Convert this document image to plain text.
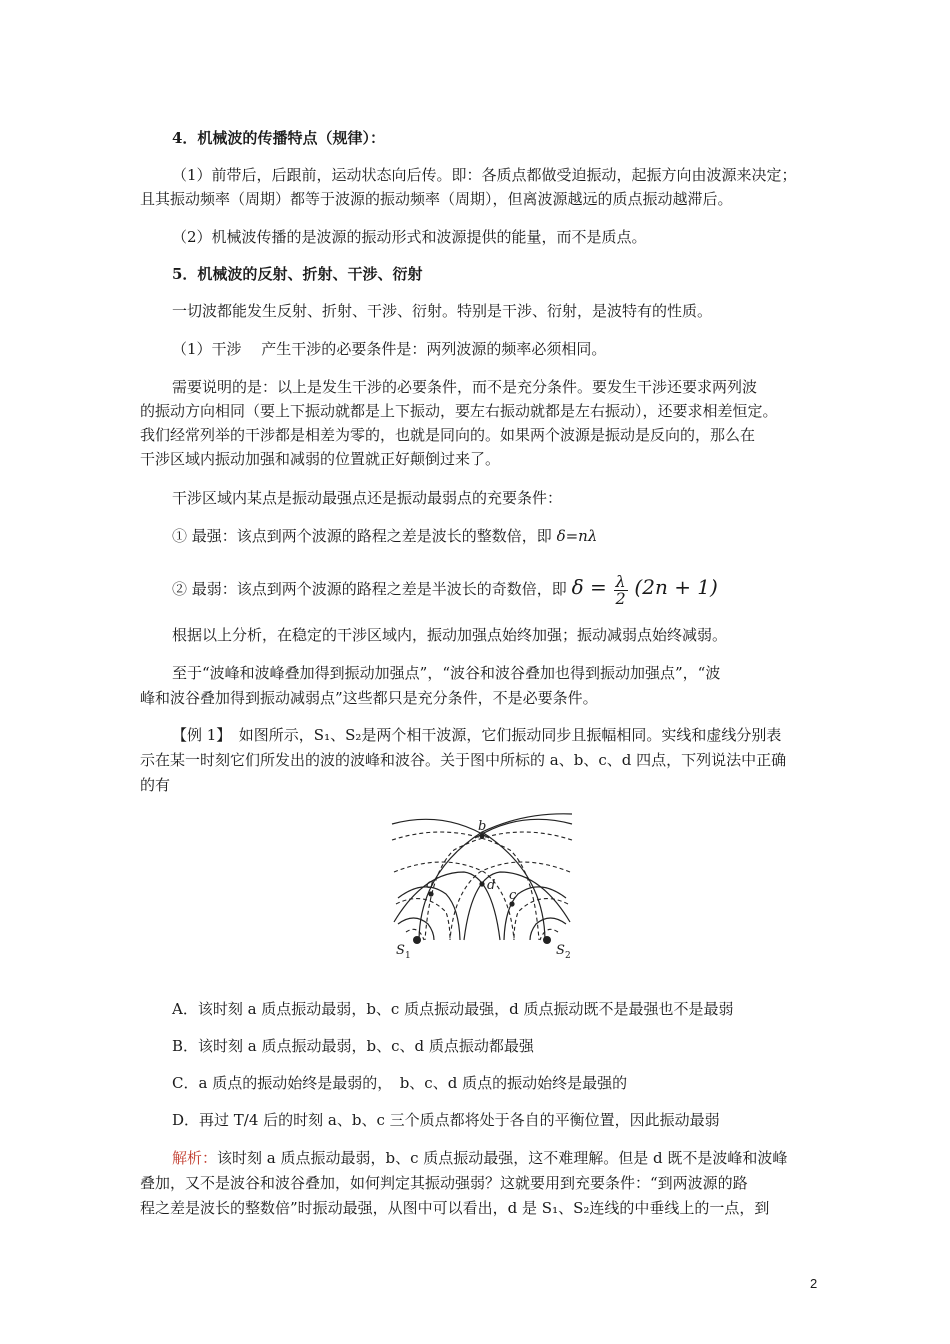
4．机械波的传播特点（规律）：
（1）前带后，后跟前，运动状态向后传。即：各质点都做受迫振动，起振方向由波源来决定；
且其振动频率（周期）都等于波源的振动频率（周期），但离波源越远的质点振动越滞后。
（2）机械波传播的是波源的振动形式和波源提供的能量，而不是质点。
5．机械波的反射、折射、干涉、衍射
一切波都能发生反射、折射、干涉、衍射。特别是干涉、衍射，是波特有的性质。
（1）干涉　 产生干涉的必要条件是：两列波源的频率必须相同。
需要说明的是：以上是发生干涉的必要条件，而不是充分条件。要发生干涉还要求两列波
的振动方向相同（要上下振动就都是上下振动，要左右振动就都是左右振动），还要求相差恒定。
我们经常列举的干涉都是相差为零的，也就是同向的。如果两个波源是振动是反向的，那么在
干涉区域内振动加强和减弱的位置就正好颠倒过来了。
干涉区域内某点是振动最强点还是振动最弱点的充要条件：
① 最强：该点到两个波源的路程之差是波长的整数倍，即 δ=nλ
② 最弱：该点到两个波源的路程之差是半波长的奇数倍，即 $\delta = \frac{\lambda}{2} (2n + 1)$
根据以上分析，在稳定的干涉区域内，振动加强点始终加强；振动减弱点始终减弱。
至于“波峰和波峰叠加得到振动加强点”，“波谷和波谷叠加也得到振动加强点”，“波
峰和波谷叠加得到振动减弱点”这些都只是充分条件，不是必要条件。
【例 1】　如图所示，S₁、S₂是两个相干波源，它们振动同步且振幅相同。实线和虚线分别表
示在某一时刻它们所发出的波的波峰和波谷。关于图中所标的 a、b、c、d 四点，下列说法中正确
的有
b
a	d
c
S 1	S 2
A．该时刻 a 质点振动最弱，b、c 质点振动最强，d 质点振动既不是最强也不是最弱
B．该时刻 a 质点振动最弱，b、c、d 质点振动都最强
C．a 质点的振动始终是最弱的，　b、c、d 质点的振动始终是最强的
D．再过 T/4 后的时刻 a、b、c 三个质点都将处于各自的平衡位置，因此振动最弱
解析：该时刻 a 质点振动最弱，b、c 质点振动最强，这不难理解。但是 d 既不是波峰和波峰
叠加，又不是波谷和波谷叠加，如何判定其振动强弱？这就要用到充要条件：“到两波源的路
程之差是波长的整数倍”时振动最强，从图中可以看出，d 是 S₁、S₂连线的中垂线上的一点，到
2
